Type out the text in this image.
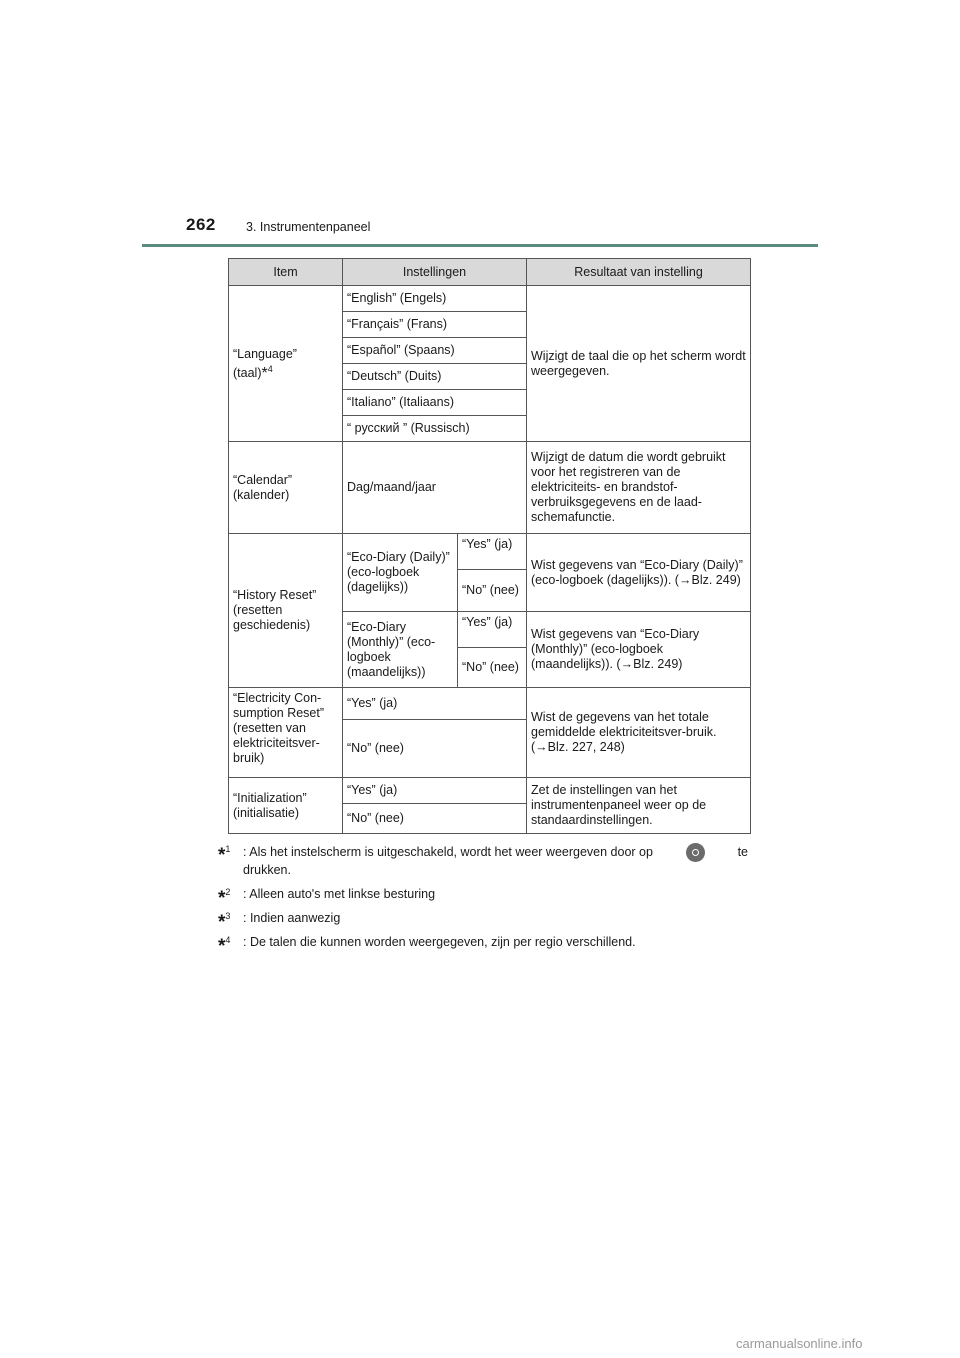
262 3. Instrumentenpaneel
Item	Instellingen		Resultaat van instelling
“Language” (taal)*$^4$	“English” (Engels)		Wijzigt de taal die op het scherm wordt weergegeven.
	“Français” (Frans)		
	“Español” (Spaans)		
	“Deutsch” (Duits)		
	“Italiano” (Italiaans)		
	“ русский ” (Russisch)		
“Calendar” (kalender)	Dag/maand/jaar		Wijzigt de datum die wordt gebruikt voor het registreren van de elektriciteits- en brandstof-verbruiksgegevens en de laad-schemafunctie.
“History Reset” (resetten geschiedenis)	“Eco-Diary (Daily)” (eco-logboek (dagelijks))	“Yes” (ja)	Wist gegevens van “Eco-Diary (Daily)” (eco-logboek (dagelijks)). (→Blz. 249)
		“No” (nee)	
	“Eco-Diary (Monthly)” (eco-logboek (maandelijks))	“Yes” (ja)	Wist gegevens van “Eco-Diary (Monthly)” (eco-logboek (maandelijks)). (→Blz. 249)
		“No” (nee)	
“Electricity Con-sumption Reset” (resetten van elektriciteitsver-bruik)	“Yes” (ja)		Wist de gegevens van het totale gemiddelde elektriciteitsver-bruik. (→Blz. 227, 248)
	“No” (nee)		
“Initialization” (initialisatie)	“Yes” (ja)		Zet de instellingen van het instrumentenpaneel weer op de standaardinstellingen.
	“No” (nee)		
*$^1$ : Als het instelscherm is uitgeschakeld, wordt het weer weergeven door op	te
drukken.
*$^2$ : Alleen auto's met linkse besturing
*$^3$ : Indien aanwezig
*$^4$ : De talen die kunnen worden weergegeven, zijn per regio verschillend.
carmanualsonline.info
